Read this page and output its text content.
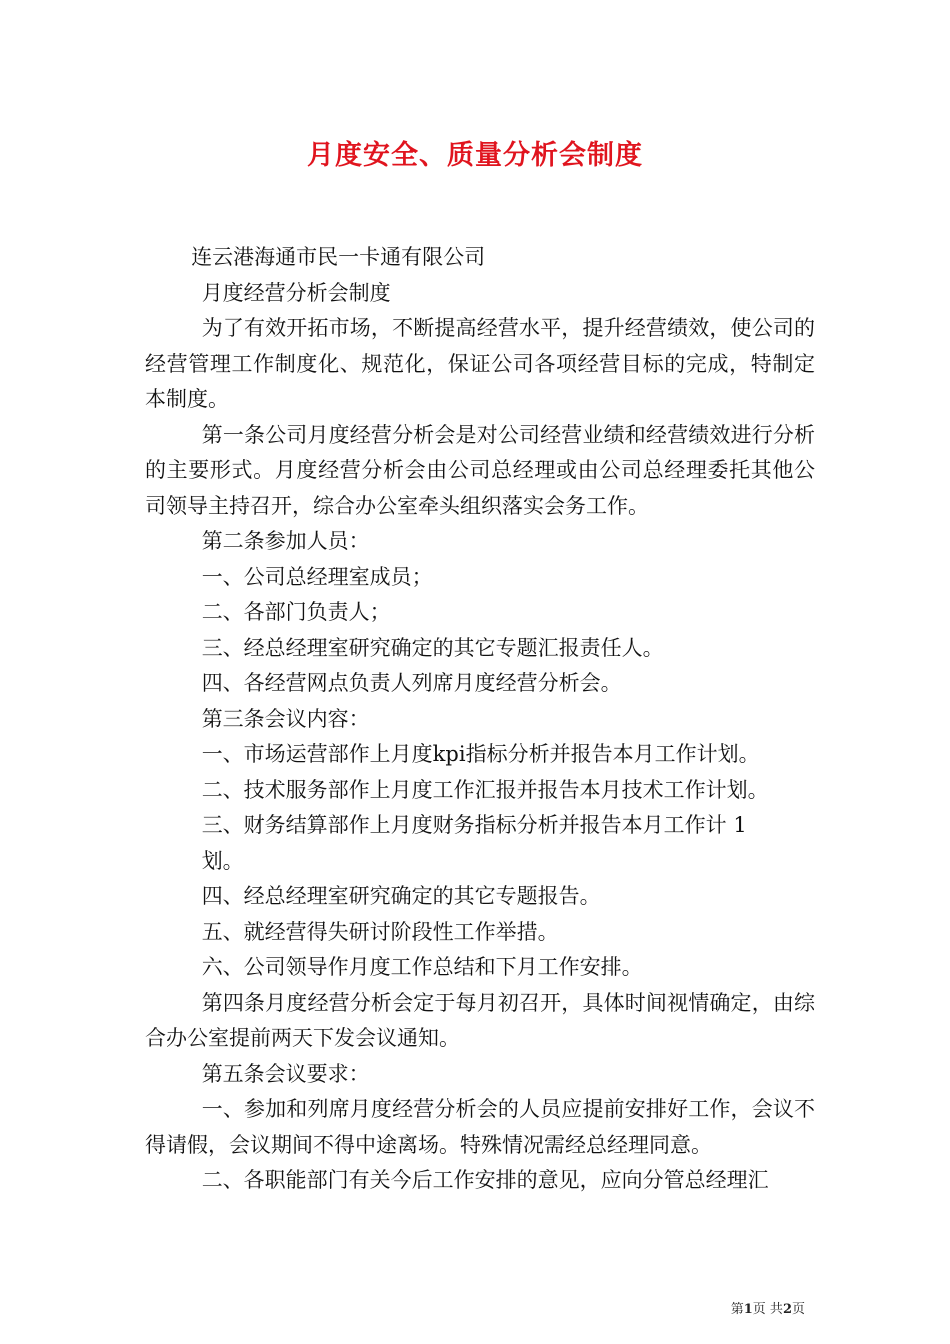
月度安全、质量分析会制度

连云港海通市民一卡通有限公司

月度经营分析会制度

为了有效开拓市场，不断提高经营水平，提升经营绩效，使公司的经营管理工作制度化、规范化，保证公司各项经营目标的完成，特制定本制度。

第一条公司月度经营分析会是对公司经营业绩和经营绩效进行分析的主要形式。月度经营分析会由公司总经理或由公司总经理委托其他公司领导主持召开，综合办公室牵头组织落实会务工作。

第二条参加人员：

一、公司总经理室成员；

二、各部门负责人；

三、经总经理室研究确定的其它专题汇报责任人。

四、各经营网点负责人列席月度经营分析会。

第三条会议内容：

一、市场运营部作上月度kpi指标分析并报告本月工作计划。

二、技术服务部作上月度工作汇报并报告本月技术工作计划。

三、财务结算部作上月度财务指标分析并报告本月工作计 1

划。

四、经总经理室研究确定的其它专题报告。

五、就经营得失研讨阶段性工作举措。

六、公司领导作月度工作总结和下月工作安排。

第四条月度经营分析会定于每月初召开，具体时间视情确定，由综合办公室提前两天下发会议通知。

第五条会议要求：

一、参加和列席月度经营分析会的人员应提前安排好工作，会议不得请假，会议期间不得中途离场。特殊情况需经总经理同意。

二、各职能部门有关今后工作安排的意见，应向分管总经理汇

第1页 共2页
